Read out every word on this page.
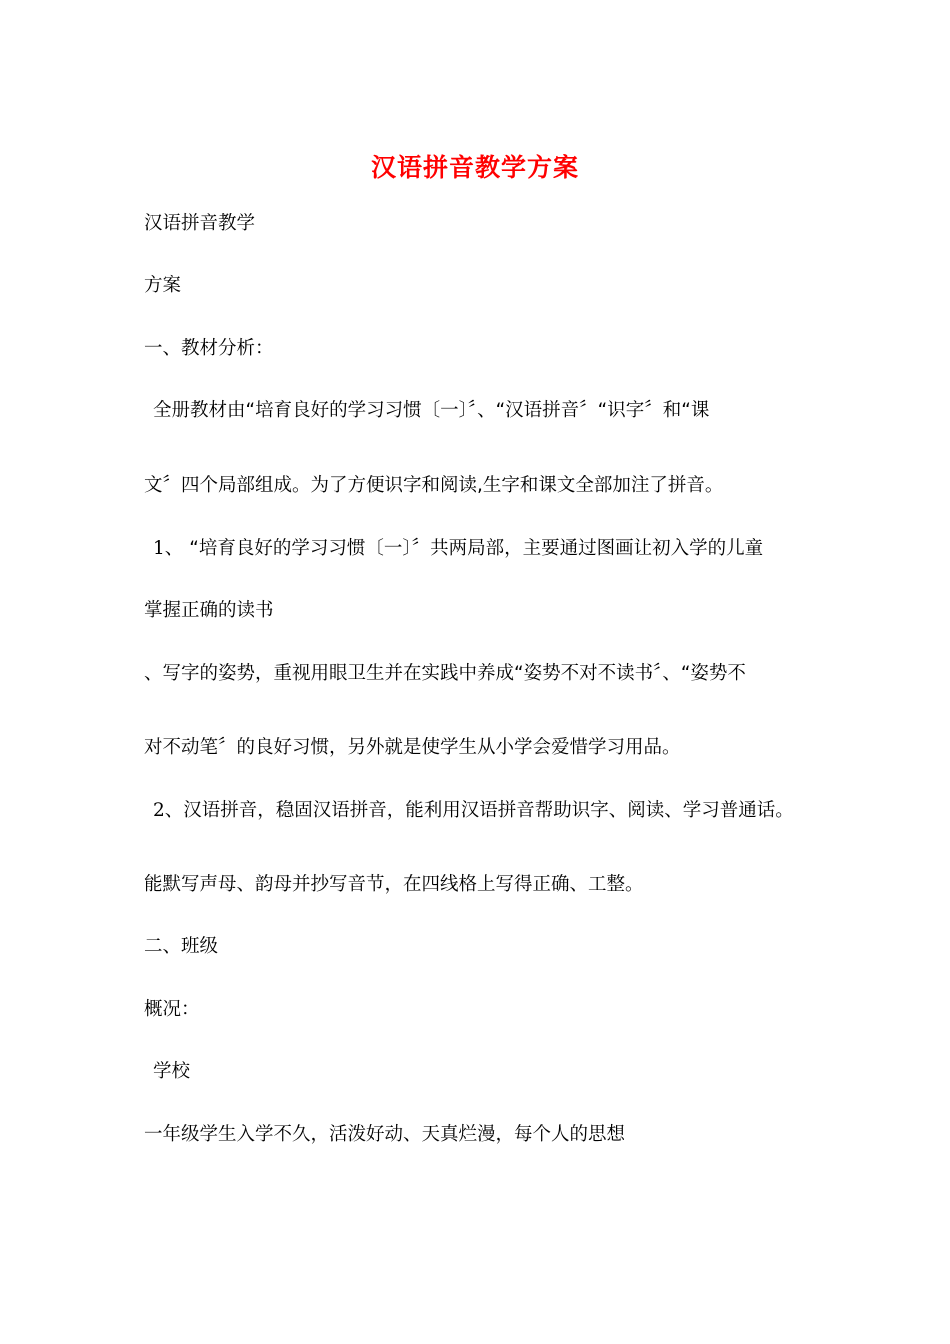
汉语拼音教学方案
汉语拼音教学
方案
一、教材分析：
全册教材由“培育良好的学习习惯〔一〕〞、“汉语拼音〞“识字〞和“课
文〞四个局部组成。为了方便识字和阅读,生字和课文全部加注了拼音。
1、 “培育良好的学习习惯〔一〕〞共两局部，主要通过图画让初入学的儿童
掌握正确的读书
、写字的姿势，重视用眼卫生并在实践中养成“姿势不对不读书〞、“姿势不
对不动笔〞的良好习惯，另外就是使学生从小学会爱惜学习用品。
2、汉语拼音，稳固汉语拼音，能利用汉语拼音帮助识字、阅读、学习普通话。
能默写声母、韵母并抄写音节，在四线格上写得正确、工整。
二、班级
概况：
学校
一年级学生入学不久，活泼好动、天真烂漫，每个人的思想
